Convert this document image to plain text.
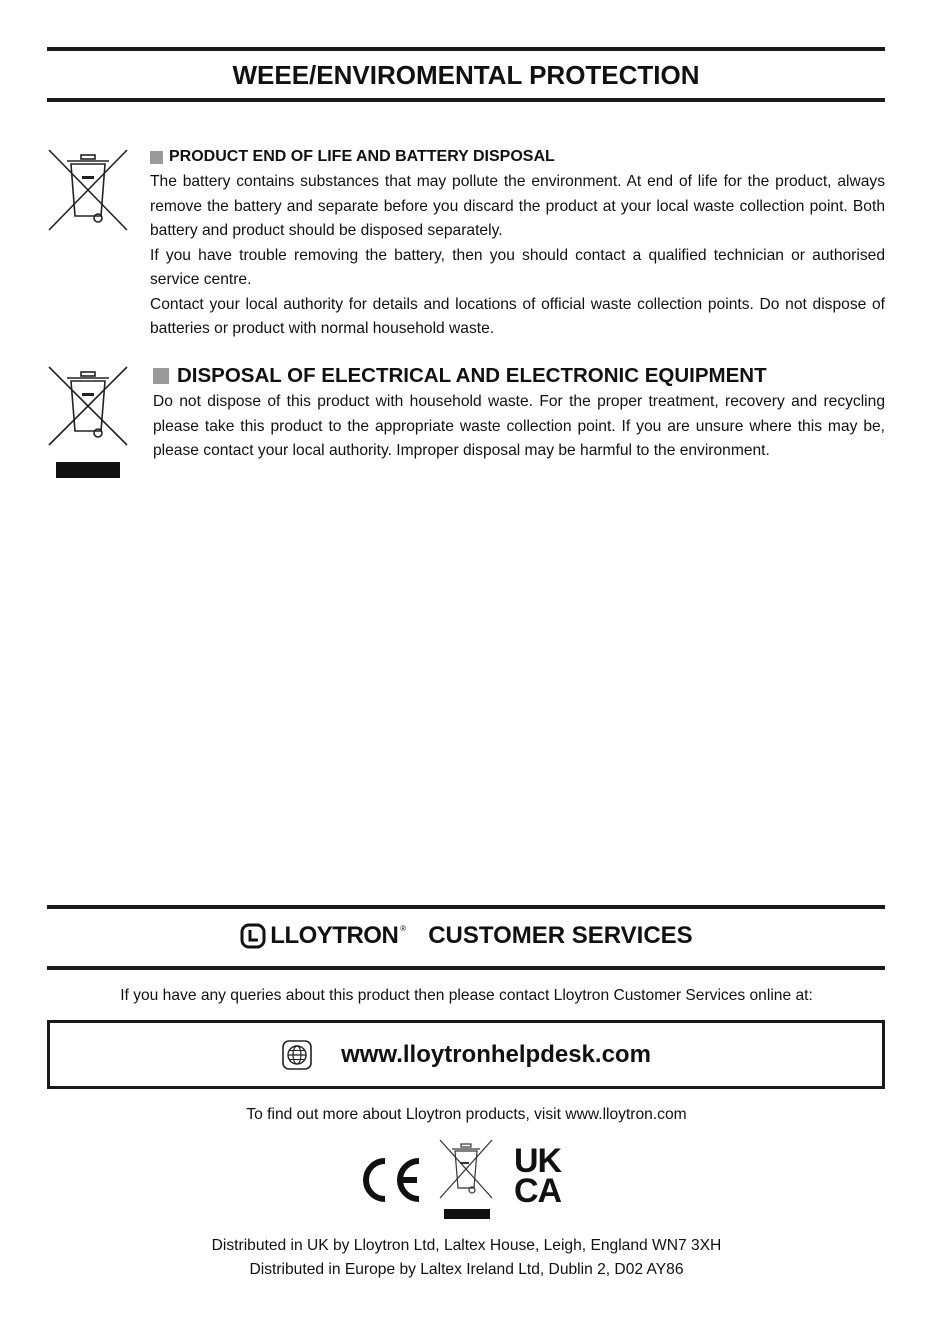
WEEE/ENVIROMENTAL PROTECTION
PRODUCT END OF LIFE AND BATTERY DISPOSAL

The battery contains substances that may pollute the environment. At end of life for the product, always remove the battery and separate before you discard the product at your local waste collection point. Both battery and product should be disposed separately.

If you have trouble removing the battery, then you should contact a qualified technician or authorised service centre.

Contact your local authority for details and locations of official waste collection points. Do not dispose of batteries or product with normal household waste.

DISPOSAL OF ELECTRICAL AND ELECTRONIC EQUIPMENT

Do not dispose of this product with household waste. For the proper treatment, recovery and recycling please take this product to the appropriate waste collection point. If you are unsure where this may be, please contact your local authority. Improper disposal may be harmful to the environment.

LLOYTRON ® CUSTOMER SERVICES
If you have any queries about this product then please contact Lloytron Customer Services online at:
www.lloytronhelpdesk.com
To find out more about Lloytron products, visit www.lloytron.com
UK
CA
Distributed in UK by Lloytron Ltd, Laltex House, Leigh, England WN7 3XH
Distributed in Europe by Laltex Ireland Ltd, Dublin 2, D02 AY86
